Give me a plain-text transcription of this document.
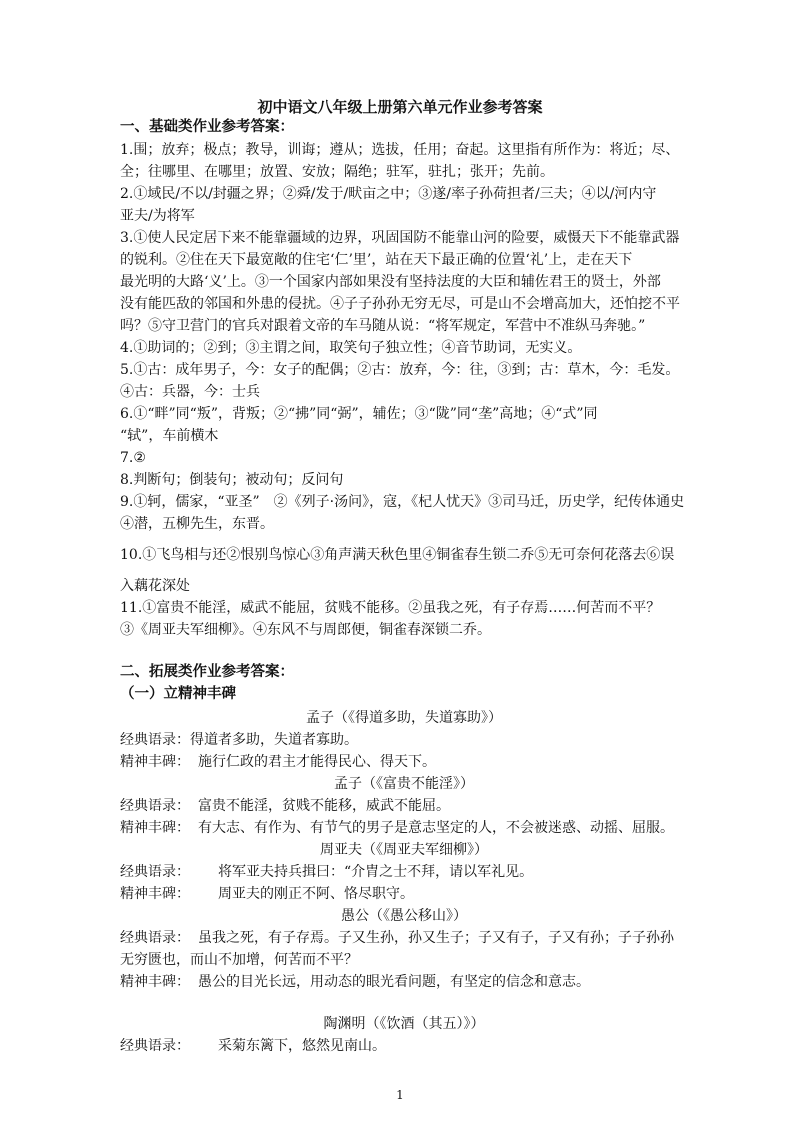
初中语文八年级上册第六单元作业参考答案
一、基础类作业参考答案：
1.围；放弃；极点；教导，训诲；遵从；选拔，任用；奋起。这里指有所作为：将近；尽、
全；往哪里、在哪里；放置、安放；隔绝；驻军，驻扎；张开；先前。
2.①域民/不以/封疆之界；②舜/发于/畎亩之中；③遂/率子孙荷担者/三夫；④以/河内守
亚夫/为将军
3.①使人民定居下来不能靠疆域的边界，巩固国防不能靠山河的险要，威慑天下不能靠武器
的锐利。②住在天下最宽敞的住宅‘仁’里’，站在天下最正确的位置‘礼’上，走在天下
最光明的大路‘义’上。③一个国家内部如果没有坚持法度的大臣和辅佐君王的贤士，外部
没有能匹敌的邻国和外患的侵扰。④子子孙孙无穷无尽，可是山不会增高加大，还怕挖不平
吗？⑤守卫营门的官兵对跟着文帝的车马随从说：“将军规定，军营中不准纵马奔驰。”
4.①助词的；②到；③主谓之间，取笑句子独立性；④音节助词，无实义。
5.①古：成年男子，今：女子的配偶；②古：放弃，今：往，③到；古：草木，今：毛发。
④古：兵器，今：士兵
6.①“畔”同“叛”，背叛；②“拂”同“弼”，辅佐；③“陇”同“垄”高地；④“式”同
“轼”，车前横木
7.②
8.判断句；倒装句；被动句；反问句
9.①轲，儒家，“亚圣”　②《列子·汤问》，寇，《杞人忧天》③司马迁，历史学，纪传体通史
④潜，五柳先生，东晋。
10.①飞鸟相与还②恨别鸟惊心③角声满天秋色里④铜雀春生锁二乔⑤无可奈何花落去⑥误
入藕花深处
11.①富贵不能淫，威武不能屈，贫贱不能移。②虽我之死，有子存焉……何苦而不平？
③《周亚夫军细柳》。④东风不与周郎便，铜雀春深锁二乔。
二、拓展类作业参考答案：
（一）立精神丰碑
孟子（《得道多助，失道寡助》）
经典语录：得道者多助，失道者寡助。
精神丰碑： 施行仁政的君主才能得民心、得天下。
孟子（《富贵不能淫》）
经典语录： 富贵不能淫，贫贱不能移，威武不能屈。
精神丰碑： 有大志、有作为、有节气的男子是意志坚定的人，不会被迷惑、动摇、屈服。
周亚夫（《周亚夫军细柳》）
经典语录： 将军亚夫持兵揖曰：“介胄之士不拜，请以军礼见。
精神丰碑： 周亚夫的刚正不阿、恪尽职守。
愚公（《愚公移山》）
经典语录： 虽我之死，有子存焉。子又生孙，孙又生子；子又有子，子又有孙；子子孙孙
无穷匮也，而山不加增，何苦而不平？
精神丰碑： 愚公的目光长远，用动态的眼光看问题，有坚定的信念和意志。
陶渊明（《饮酒（其五）》）
经典语录： 采菊东篱下，悠然见南山。
1
